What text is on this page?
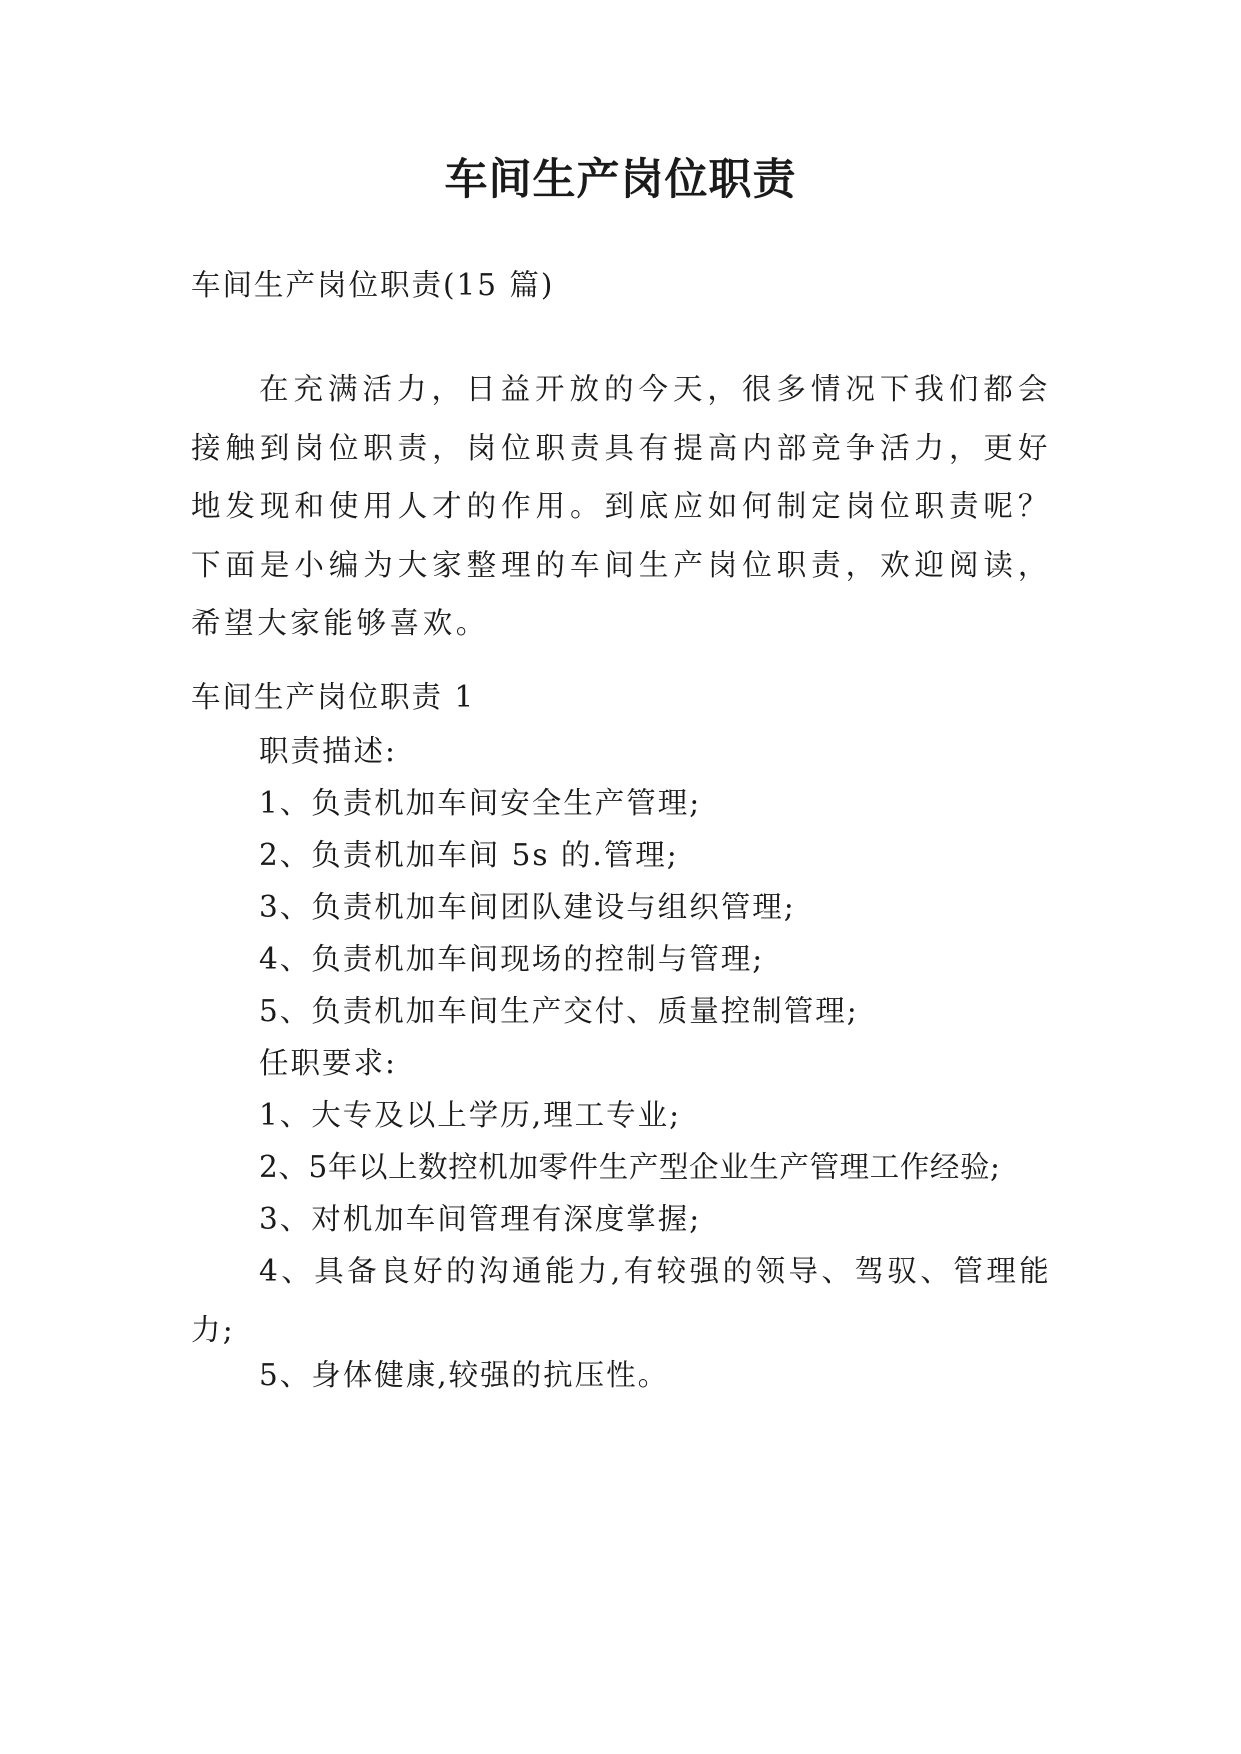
车间生产岗位职责

车间生产岗位职责(15 篇)

在充满活力，日益开放的今天，很多情况下我们都会接触到岗位职责，岗位职责具有提高内部竞争活力，更好地发现和使用人才的作用。到底应如何制定岗位职责呢？下面是小编为大家整理的车间生产岗位职责，欢迎阅读，希望大家能够喜欢。

车间生产岗位职责 1

职责描述:

1、负责机加车间安全生产管理;

2、负责机加车间 5s 的.管理;

3、负责机加车间团队建设与组织管理;

4、负责机加车间现场的控制与管理;

5、负责机加车间生产交付、质量控制管理;

任职要求:

1、大专及以上学历,理工专业;

2、5年以上数控机加零件生产型企业生产管理工作经验;

3、对机加车间管理有深度掌握;

4、具备良好的沟通能力,有较强的领导、驾驭、管理能力;

5、身体健康,较强的抗压性。
